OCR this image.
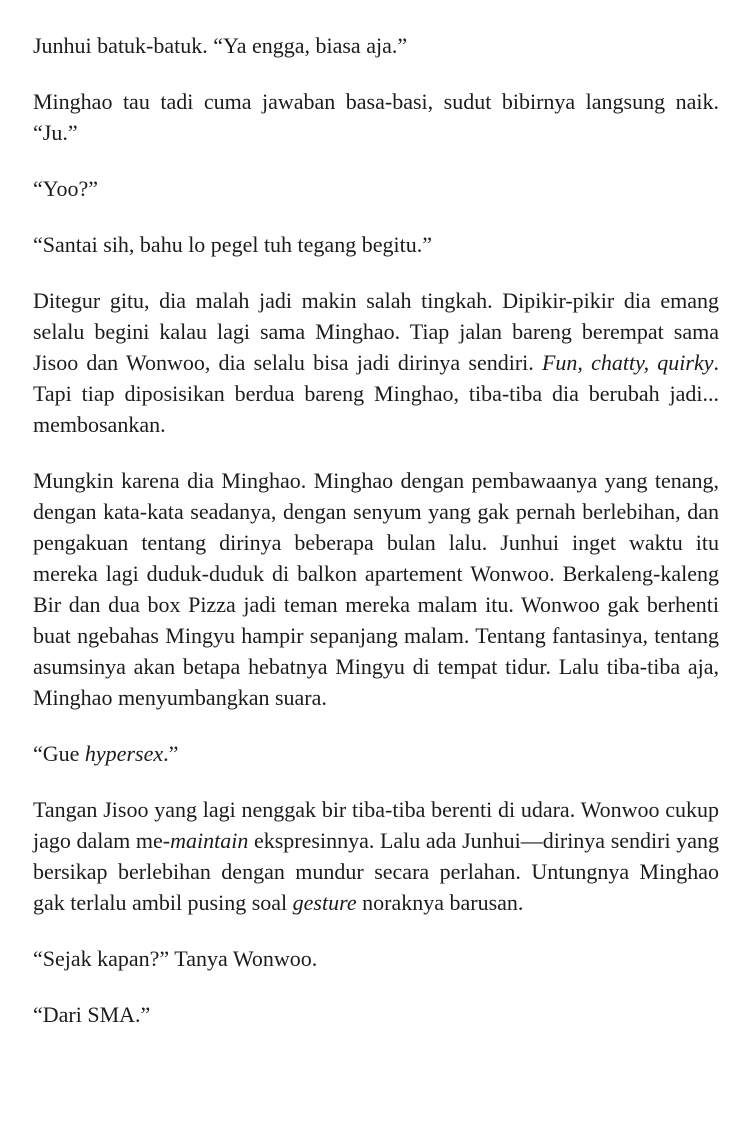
Junhui batuk-batuk. “Ya engga, biasa aja.”

Minghao tau tadi cuma jawaban basa-basi, sudut bibirnya langsung naik. “Ju.”

“Yoo?”

“Santai sih, bahu lo pegel tuh tegang begitu.”

Ditegur gitu, dia malah jadi makin salah tingkah. Dipikir-pikir dia emang selalu begini kalau lagi sama Minghao. Tiap jalan bareng berempat sama Jisoo dan Wonwoo, dia selalu bisa jadi dirinya sendiri. Fun, chatty, quirky. Tapi tiap diposisikan berdua bareng Minghao, tiba-tiba dia berubah jadi... membosankan.

Mungkin karena dia Minghao. Minghao dengan pembawaanya yang tenang, dengan kata-kata seadanya, dengan senyum yang gak pernah berlebihan, dan pengakuan tentang dirinya beberapa bulan lalu. Junhui inget waktu itu mereka lagi duduk-duduk di balkon apartement Wonwoo. Berkaleng-kaleng Bir dan dua box Pizza jadi teman mereka malam itu. Wonwoo gak berhenti buat ngebahas Mingyu hampir sepanjang malam. Tentang fantasinya, tentang asumsinya akan betapa hebatnya Mingyu di tempat tidur. Lalu tiba-tiba aja, Minghao menyumbangkan suara.

“Gue hypersex.”

Tangan Jisoo yang lagi nenggak bir tiba-tiba berenti di udara. Wonwoo cukup jago dalam me-maintain ekspresinnya. Lalu ada Junhui—dirinya sendiri yang bersikap berlebihan dengan mundur secara perlahan. Untungnya Minghao gak terlalu ambil pusing soal gesture noraknya barusan.

“Sejak kapan?” Tanya Wonwoo.

“Dari SMA.”
